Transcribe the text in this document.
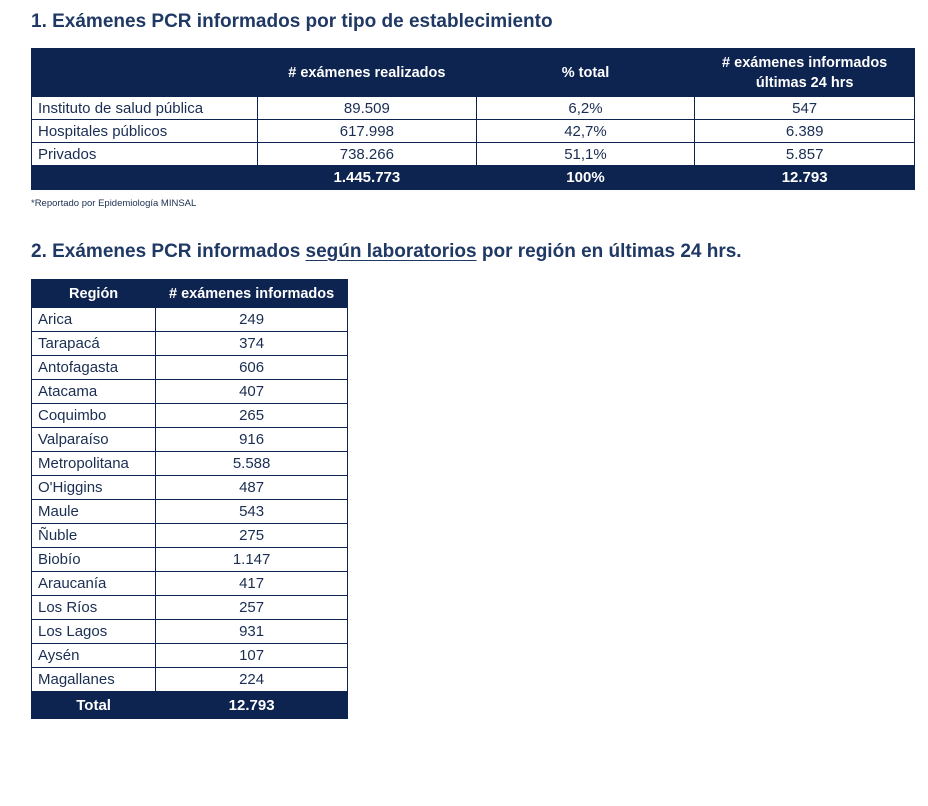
1. Exámenes PCR informados por tipo de establecimiento
	# exámenes realizados	% total	# exámenes informados últimas 24 hrs
Instituto de salud pública	89.509	6,2%	547
Hospitales públicos	617.998	42,7%	6.389
Privados	738.266	51,1%	5.857
	1.445.773	100%	12.793

*Reportado por Epidemiología MINSAL

2. Exámenes PCR informados según laboratorios por región en últimas 24 hrs.
Región	# exámenes informados
Arica	249
Tarapacá	374
Antofagasta	606
Atacama	407
Coquimbo	265
Valparaíso	916
Metropolitana	5.588
O'Higgins	487
Maule	543
Ñuble	275
Biobío	1.147
Araucanía	417
Los Ríos	257
Los Lagos	931
Aysén	107
Magallanes	224
Total	12.793
